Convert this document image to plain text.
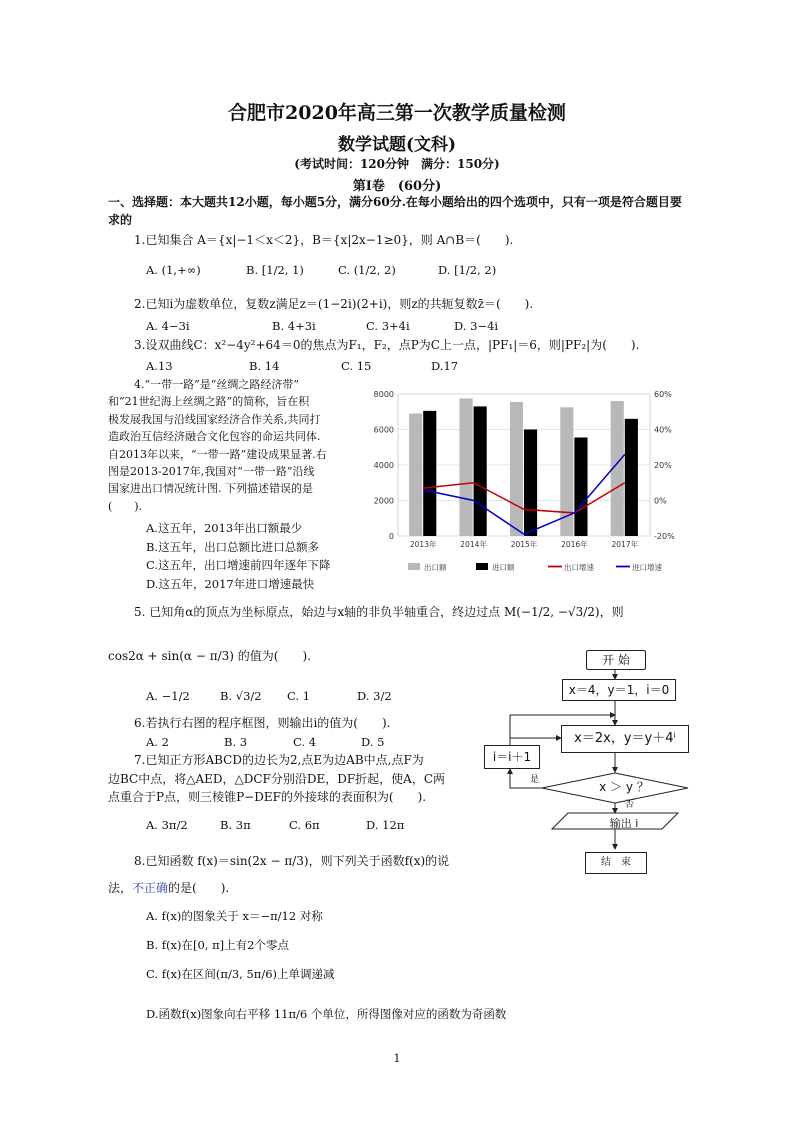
合肥市2020年高三第一次教学质量检测
数学试题(文科)
(考试时间：120分钟　满分：150分)
第Ⅰ卷　(60分)
一、选择题：本大题共12小题，每小题5分，满分60分.在每小题给出的四个选项中，只有一项是符合题目要求的
1.已知集合 A＝{x|−1＜x＜2}，B＝{x|2x−1≥0}，则 A∩B＝(　　).
A. (1,+∞)	B. [1/2, 1)	C. (1/2, 2)	D. [1/2, 2)
2.已知i为虚数单位，复数z满足z＝(1−2i)(2+i)，则z的共轭复数z̄＝(　　).
A. 4−3i	B. 4+3i	C. 3+4i	D. 3−4i
3.设双曲线C：x²−4y²+64＝0的焦点为F₁，F₂，点P为C上一点，|PF₁|＝6，则|PF₂|为(　　).
A.13	B. 14	C. 15	D.17
4.“一带一路”是“丝绸之路经济带”
和“21世纪海上丝绸之路”的简称，旨在积
极发展我国与沿线国家经济合作关系,共同打
造政治互信经济融合文化包容的命运共同体.
自2013年以来，“一带一路”建设成果显著.右
图是2013-2017年,我国对“一带一路”沿线
国家进出口情况统计图. 下列描述错误的是
(　　).
A.这五年，2013年出口额最少
B.这五年，出口总额比进口总额多
C.这五年，出口增速前四年逐年下降
D.这五年，2017年进口增速最快
0	-20%
2000	0%
4000	20%
6000	40%
8000	60%
2013年	2014年	2015年	2016年	2017年
出口额	进口额	出口增速	进口增速
5. 已知角α的顶点为坐标原点，始边与x轴的非负半轴重合，终边过点 M(−1/2, −√3/2)，则
cos2α + sin(α − π/3) 的值为(　　).
A. −1/2	B. √3/2 C. 1	D. 3/2
6.若执行右图的程序框图，则输出i的值为(　　).
A. 2	B. 3	C. 4	D. 5
7.已知正方形ABCD的边长为2,点E为边AB中点,点F为
边BC中点，将△AED，△DCF分别沿DE，DF折起，使A，C两
点重合于P点，则三棱锥P−DEF的外接球的表面积为(　　).
A. 3π/2	B. 3π	C. 6π	D. 12π
8.已知函数 f(x)＝sin(2x − π/3)，则下列关于函数f(x)的说
法，不正确的是(　　).
A. f(x)的图象关于 x＝−π/12 对称
B. f(x)在[0, π]上有2个零点
C. f(x)在区间(π/3, 5π/6)上单调递减
D.函数f(x)图象向右平移 11π/6 个单位，所得图像对应的函数为奇函数
开 始
x＝4，y＝1，i＝0
x＝2x，y＝y＋4ⁱ
i＝i＋1
x ＞ y ？
是
否
输出 i
结　束
1
